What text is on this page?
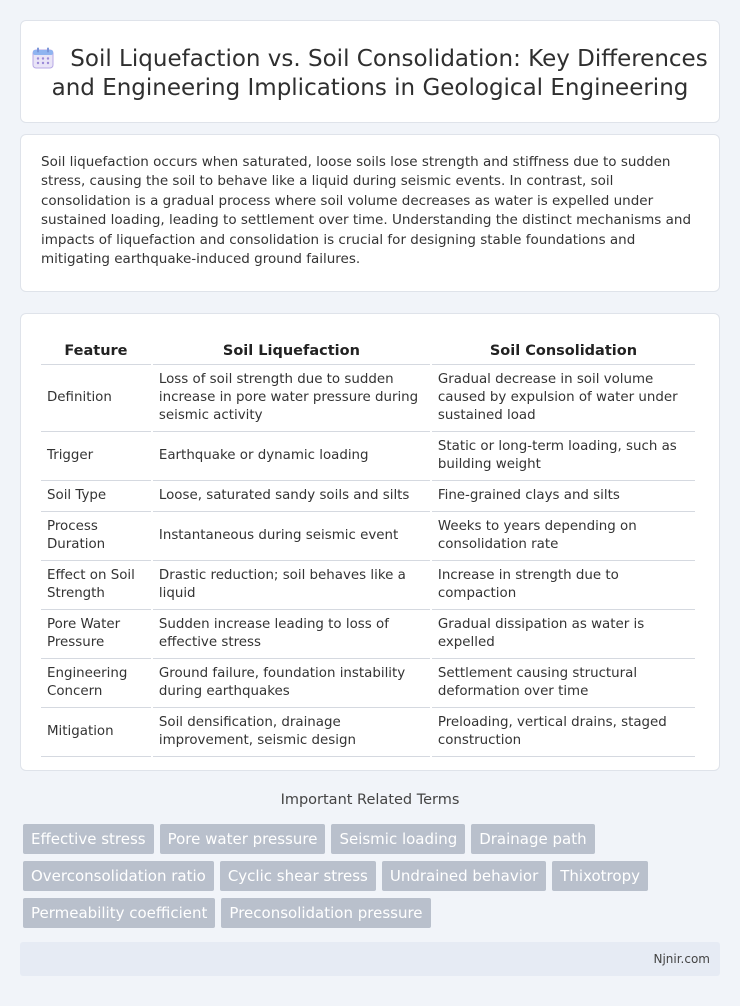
Soil Liquefaction vs. Soil Consolidation: Key Differences and Engineering Implications in Geological Engineering

Soil liquefaction occurs when saturated, loose soils lose strength and stiffness due to sudden stress, causing the soil to behave like a liquid during seismic events. In contrast, soil consolidation is a gradual process where soil volume decreases as water is expelled under sustained loading, leading to settlement over time. Understanding the distinct mechanisms and impacts of liquefaction and consolidation is crucial for designing stable foundations and mitigating earthquake-induced ground failures.

Feature	Soil Liquefaction	Soil Consolidation
Definition	Loss of soil strength due to sudden increase in pore water pressure during seismic activity	Gradual decrease in soil volume caused by expulsion of water under sustained load
Trigger	Earthquake or dynamic loading	Static or long-term loading, such as building weight
Soil Type	Loose, saturated sandy soils and silts	Fine-grained clays and silts
Process Duration	Instantaneous during seismic event	Weeks to years depending on consolidation rate
Effect on Soil Strength	Drastic reduction; soil behaves like a liquid	Increase in strength due to compaction
Pore Water Pressure	Sudden increase leading to loss of effective stress	Gradual dissipation as water is expelled
Engineering Concern	Ground failure, foundation instability during earthquakes	Settlement causing structural deformation over time
Mitigation	Soil densification, drainage improvement, seismic design	Preloading, vertical drains, staged construction
Important Related Terms
Effective stress	Pore water pressure	Seismic loading	Drainage path
Overconsolidation ratio	Cyclic shear stress	Undrained behavior	Thixotropy
Permeability coefficient	Preconsolidation pressure
Njnir.com
